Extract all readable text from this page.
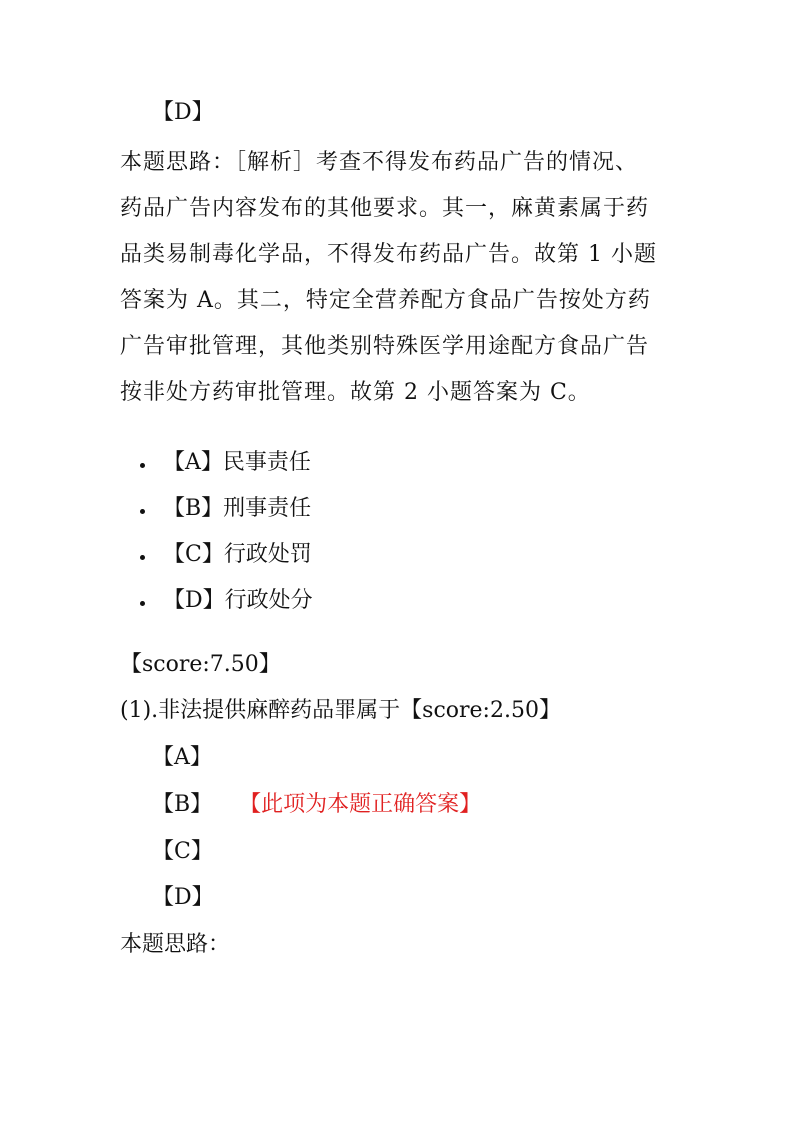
【D】
本题思路：［解析］考查不得发布药品广告的情况、
药品广告内容发布的其他要求。其一，麻黄素属于药
品类易制毒化学品，不得发布药品广告。故第 1 小题
答案为 A。其二，特定全营养配方食品广告按处方药
广告审批管理，其他类别特殊医学用途配方食品广告
按非处方药审批管理。故第 2 小题答案为 C。
【A】民事责任
【B】刑事责任
【C】行政处罚
【D】行政处分
【score:7.50】
(1).非法提供麻醉药品罪属于【score:2.50】
【A】
【B】 【此项为本题正确答案】
【C】
【D】
本题思路：
